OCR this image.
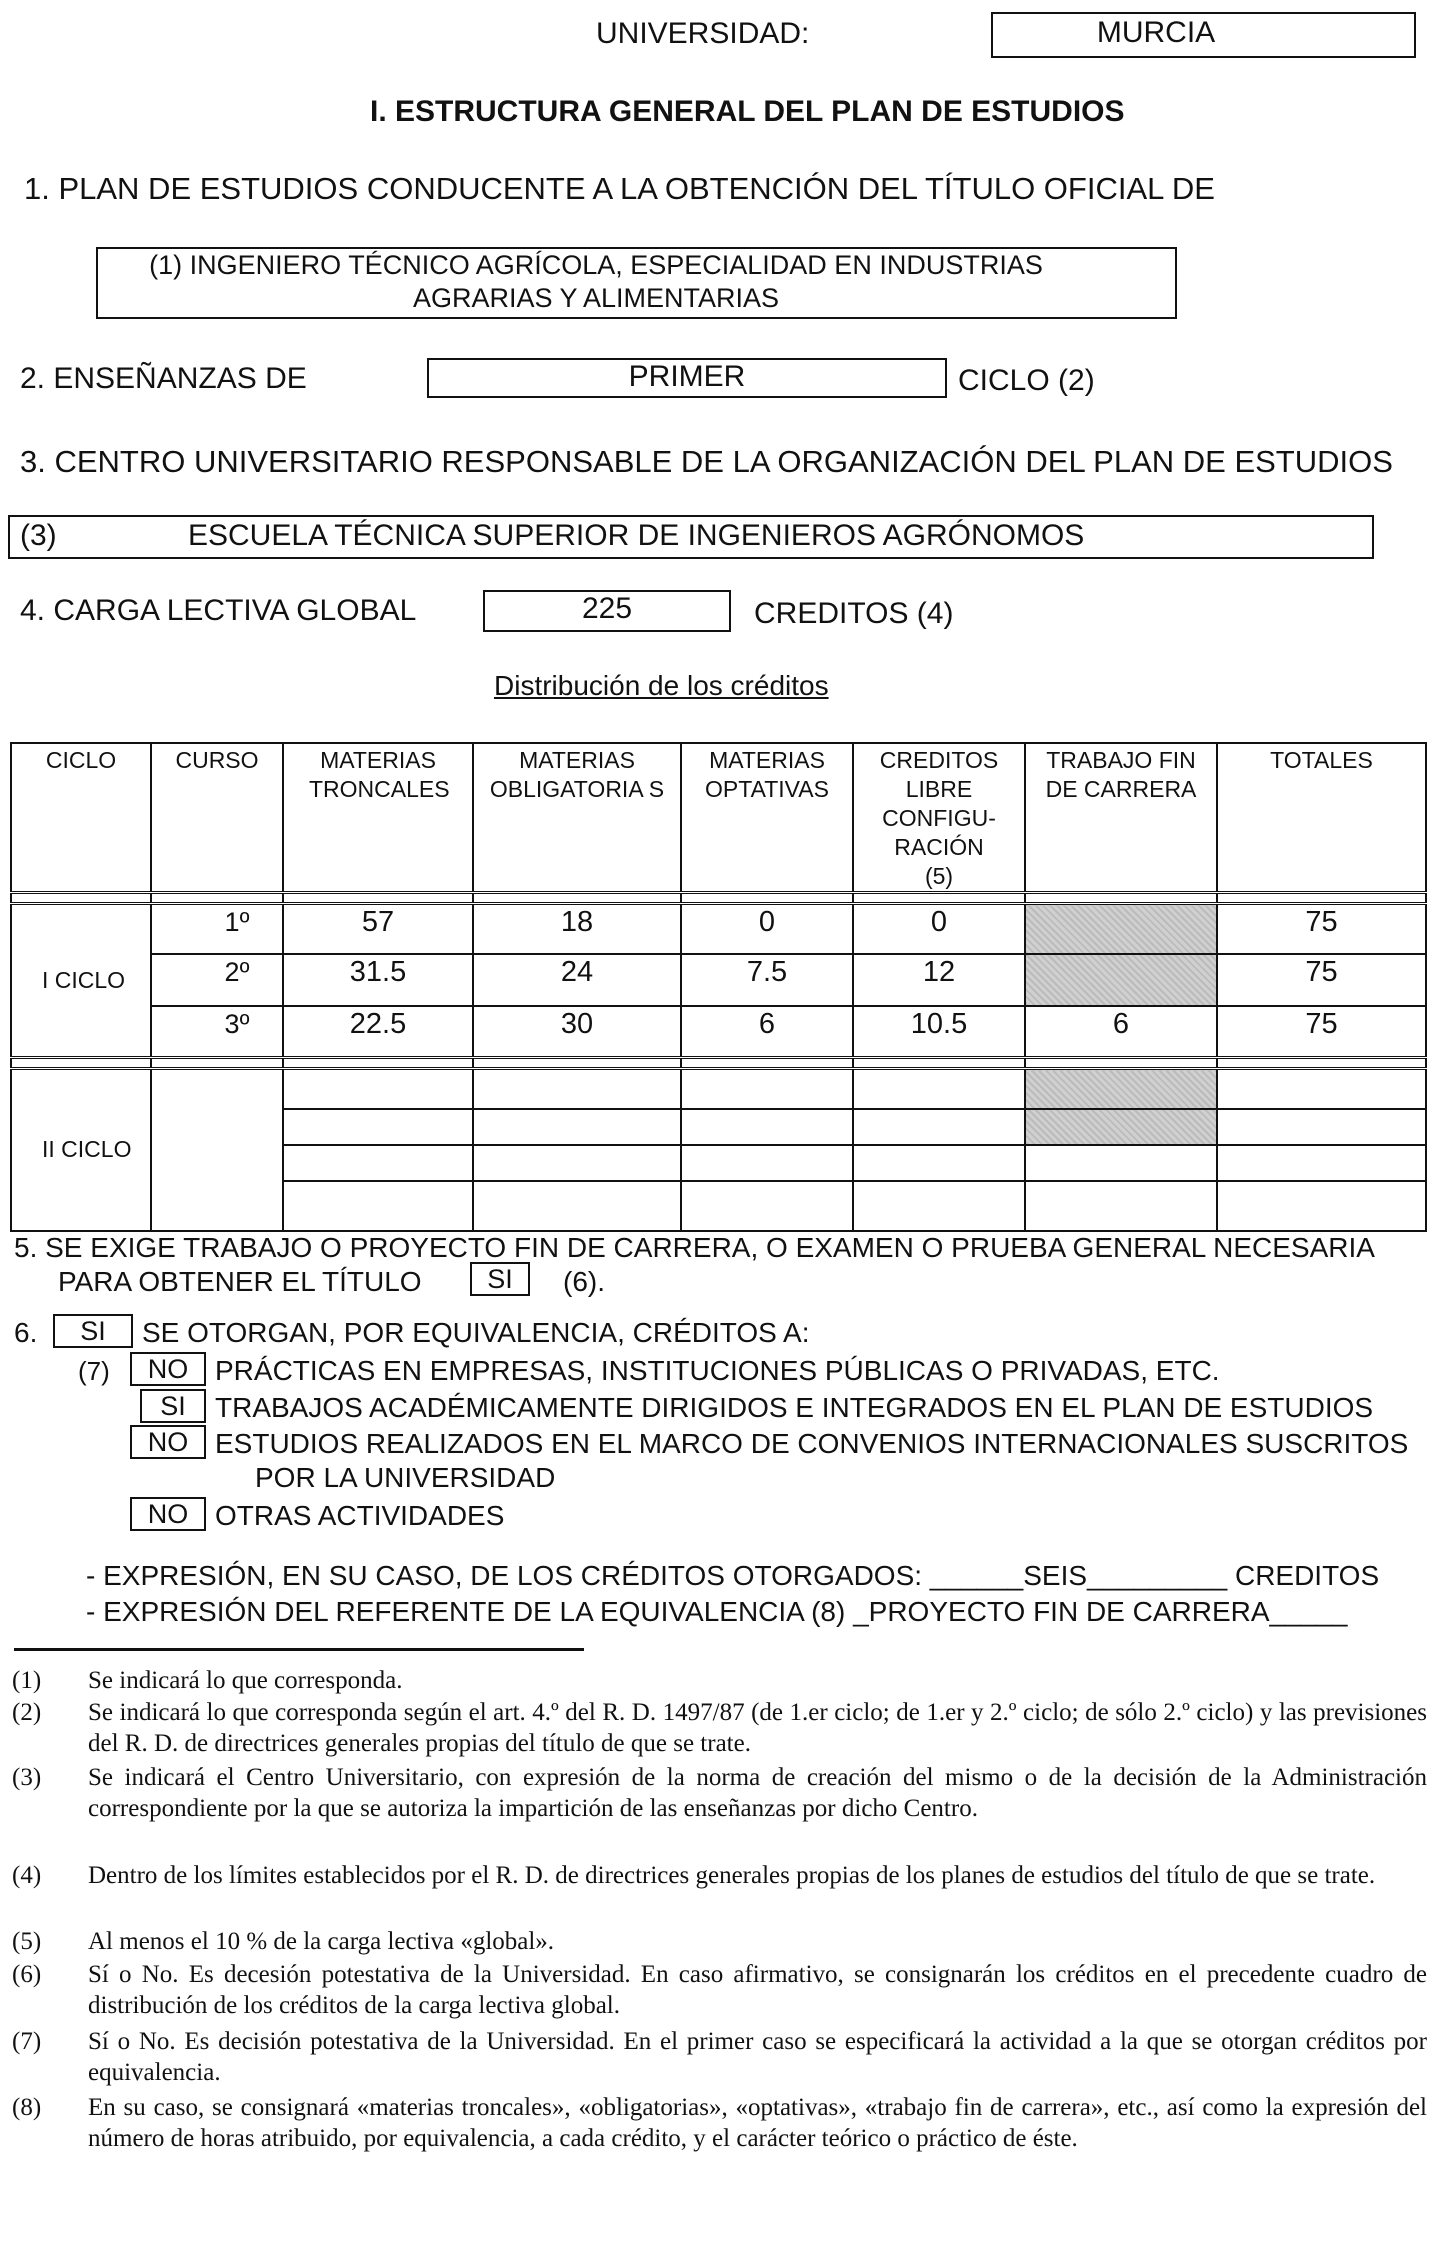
UNIVERSIDAD:	MURCIA
I. ESTRUCTURA GENERAL DEL PLAN DE ESTUDIOS
1. PLAN DE ESTUDIOS CONDUCENTE A LA OBTENCIÓN DEL TÍTULO OFICIAL DE
(1) INGENIERO TÉCNICO AGRÍCOLA, ESPECIALIDAD EN INDUSTRIAS
AGRARIAS Y ALIMENTARIAS
2. ENSEÑANZAS DE	PRIMER	CICLO (2)
3. CENTRO UNIVERSITARIO RESPONSABLE DE LA ORGANIZACIÓN DEL PLAN DE ESTUDIOS
(3)	ESCUELA TÉCNICA SUPERIOR DE INGENIEROS AGRÓNOMOS
4. CARGA LECTIVA GLOBAL	225	CREDITOS (4)
Distribución de los créditos
CICLO	CURSO	MATERIAS TRONCALES	MATERIAS OBLIGATORIA S	MATERIAS OPTATIVAS	CREDITOS LIBRE CONFIGU- RACIÓN (5)	TRABAJO FIN DE CARRERA	TOTALES

I CICLO	1º	57	18	0	0		75
	2º	31.5	24	7.5	12		75
	3º	22.5	30	6	10.5	6	75

II CICLO							

5. SE EXIGE TRABAJO O PROYECTO FIN DE CARRERA, O EXAMEN O PRUEBA GENERAL NECESARIA
PARA OBTENER EL TÍTULO	SI	(6).
6.	SI	SE OTORGAN, POR EQUIVALENCIA, CRÉDITOS A:
(7)	NO PRÁCTICAS EN EMPRESAS, INSTITUCIONES PÚBLICAS O PRIVADAS, ETC.
SI	TRABAJOS ACADÉMICAMENTE DIRIGIDOS E INTEGRADOS EN EL PLAN DE ESTUDIOS
NO ESTUDIOS REALIZADOS EN EL MARCO DE CONVENIOS INTERNACIONALES SUSCRITOS
POR LA UNIVERSIDAD
NO OTRAS ACTIVIDADES
- EXPRESIÓN, EN SU CASO, DE LOS CRÉDITOS OTORGADOS: ______SEIS_________ CREDITOS
- EXPRESIÓN DEL REFERENTE DE LA EQUIVALENCIA (8) _PROYECTO FIN DE CARRERA_____
(1) Se indicará lo que corresponda.
(2) Se indicará lo que corresponda según el art. 4.º del R. D. 1497/87 (de 1.er ciclo; de 1.er y 2.º ciclo; de sólo 2.º ciclo) y las previsiones del R. D. de directrices generales propias del título de que se trate.
(3) Se indicará el Centro Universitario, con expresión de la norma de creación del mismo o de la decisión de la Administración correspondiente por la que se autoriza la impartición de las enseñanzas por dicho Centro.
(4) Dentro de los límites establecidos por el R. D. de directrices generales propias de los planes de estudios del título de que se trate.
(5) Al menos el 10 % de la carga lectiva «global».
(6) Sí o No. Es decesión potestativa de la Universidad. En caso afirmativo, se consignarán los créditos en el precedente cuadro de distribución de los créditos de la carga lectiva global.
(7) Sí o No. Es decisión potestativa de la Universidad. En el primer caso se especificará la actividad a la que se otorgan créditos por equivalencia.
(8) En su caso, se consignará «materias troncales», «obligatorias», «optativas», «trabajo fin de carrera», etc., así como la expresión del número de horas atribuido, por equivalencia, a cada crédito, y el carácter teórico o práctico de éste.
